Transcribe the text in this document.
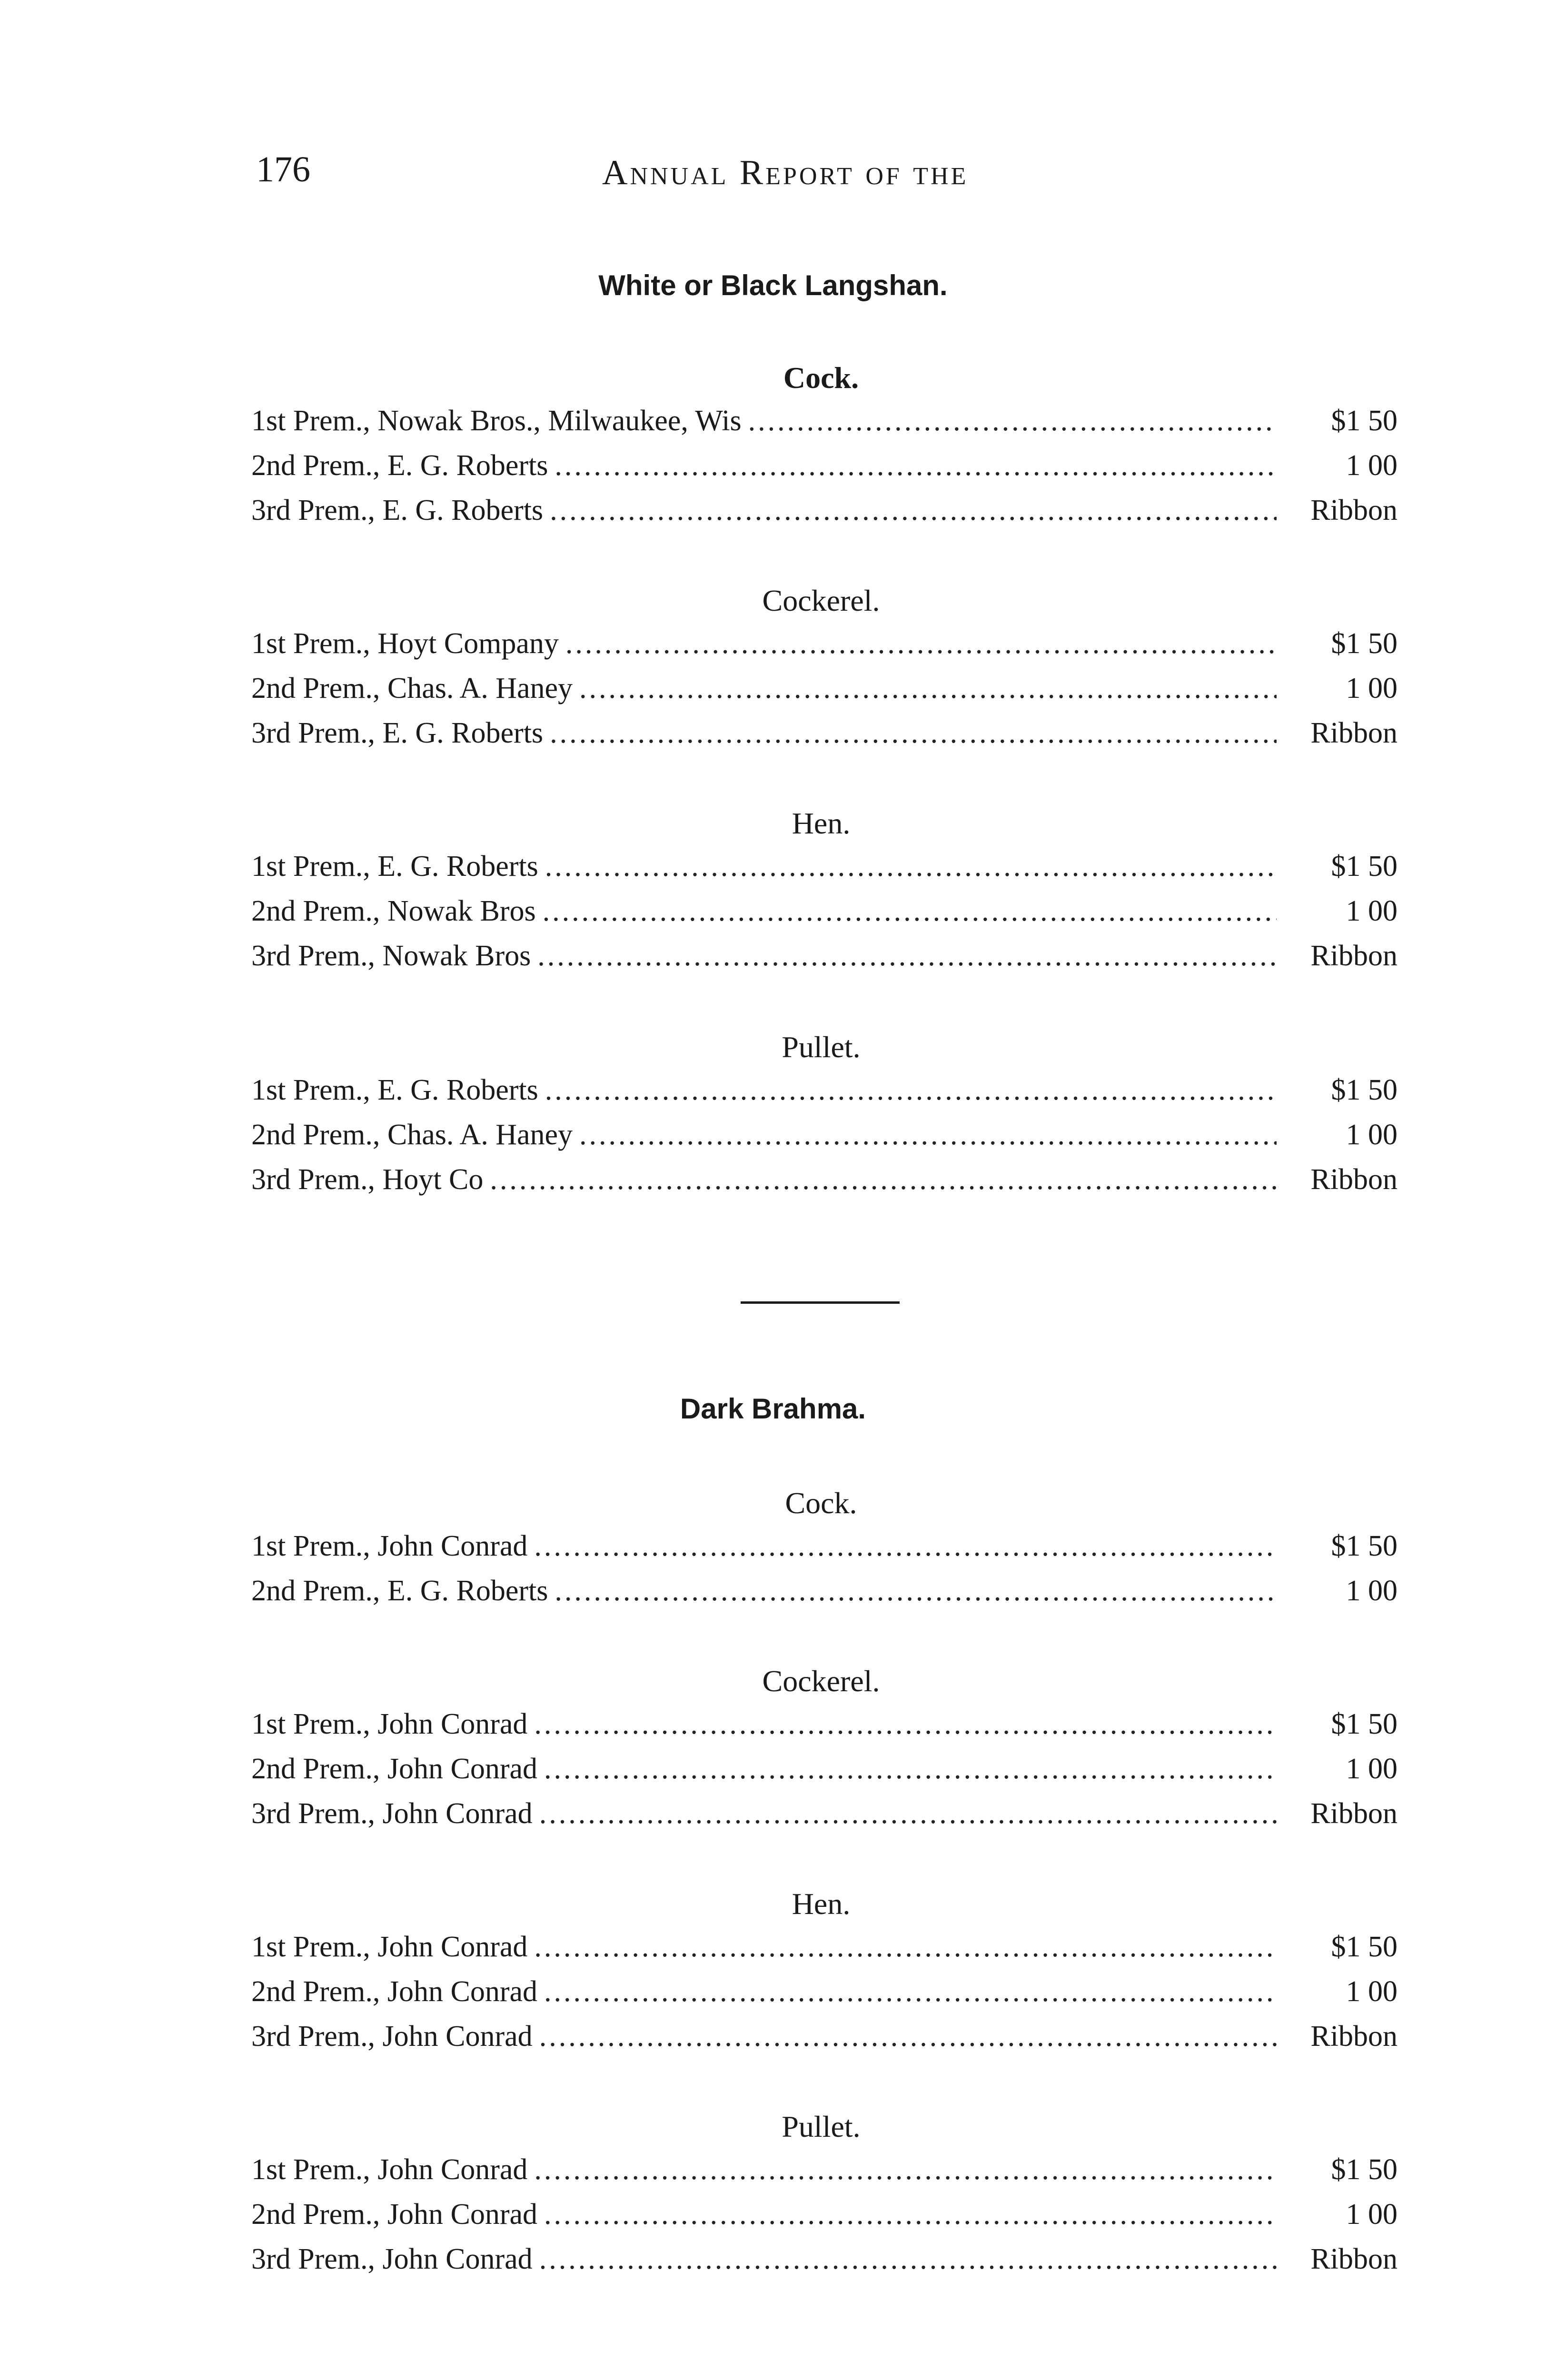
176	Annual Report of the
White or Black Langshan.
Cock.
1st Prem., Nowak Bros., Milwaukee, Wis .....	$1 50
2nd Prem., E. G. Roberts .....	1 00
3rd Prem., E. G. Roberts .....	Ribbon
Cockerel.
1st Prem., Hoyt Company .....	$1 50
2nd Prem., Chas. A. Haney .....	1 00
3rd Prem., E. G. Roberts .....	Ribbon
Hen.
1st Prem., E. G. Roberts .....	$1 50
2nd Prem., Nowak Bros .....	1 00
3rd Prem., Nowak Bros .....	Ribbon
Pullet.
1st Prem., E. G. Roberts .....	$1 50
2nd Prem., Chas. A. Haney .....	1 00
3rd Prem., Hoyt Co .....	Ribbon
Dark Brahma.
Cock.
1st Prem., John Conrad .....	$1 50
2nd Prem., E. G. Roberts .....	1 00
Cockerel.
1st Prem., John Conrad .....	$1 50
2nd Prem., John Conrad .....	1 00
3rd Prem., John Conrad .....	Ribbon
Hen.
1st Prem., John Conrad .....	$1 50
2nd Prem., John Conrad .....	1 00
3rd Prem., John Conrad .....	Ribbon
Pullet.
1st Prem., John Conrad .....	$1 50
2nd Prem., John Conrad .....	1 00
3rd Prem., John Conrad .....	Ribbon
